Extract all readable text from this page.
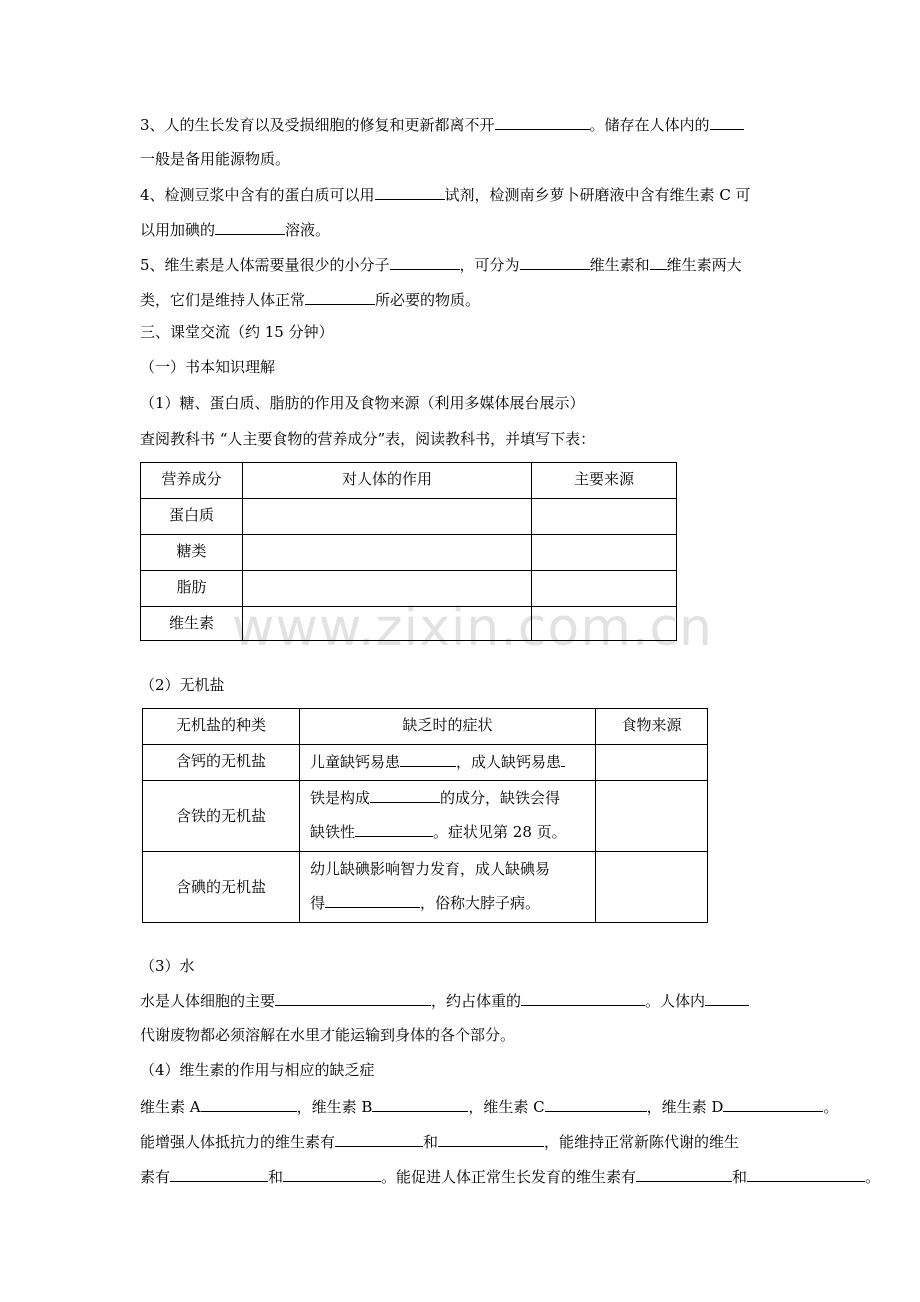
www.zixin.com.cn
3、人的生长发育以及受损细胞的修复和更新都离不开	。储存在人体内的
一般是备用能源物质。
4、检测豆浆中含有的蛋白质可以用	试剂，检测南乡萝卜研磨液中含有维生素 C 可
以用加碘的	溶液。
5、维生素是人体需要量很少的小分子	，可分为	维生素和 维生素两大
类，它们是维持人体正常	所必要的物质。
三、课堂交流（约 15 分钟）
（一）书本知识理解
（1）糖、蛋白质、脂肪的作用及食物来源（利用多媒体展台展示）
查阅教科书 “人主要食物的营养成分”表，阅读教科书，并填写下表：
营养成分	对人体的作用	主要来源
蛋白质		
糖类		
脂肪		
维生素		
（2）无机盐
无机盐的种类	缺乏时的症状	食物来源
含钙的无机盐	儿童缺钙易患 ，成人缺钙易患	
含铁的无机盐	铁是构成 的成分，缺铁会得
缺铁性 。症状见第 28 页。	

含碘的无机盐	幼儿缺碘影响智力发育，成人缺碘易
得 ，俗称大脖子病。	

（3）水
水是人体细胞的主要	，约占体重的	。人体内
代谢废物都必须溶解在水里才能运输到身体的各个部分。
（4）维生素的作用与相应的缺乏症
维生素 A	，维生素 B	，维生素 C	，维生素 D	。
能增强人体抵抗力的维生素有	和	，能维持正常新陈代谢的维生
素有	和	。能促进人体正常生长发育的维生素有	和	。
